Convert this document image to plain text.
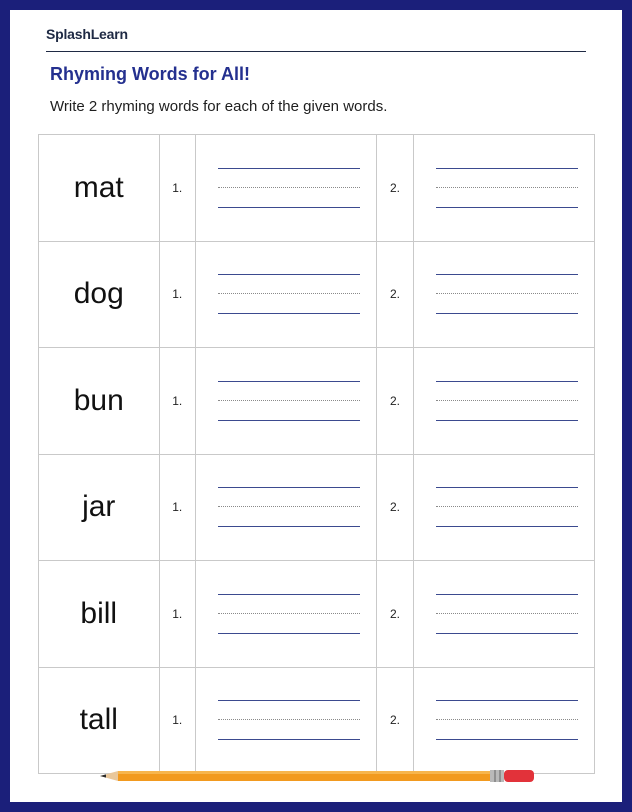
SplashLearn
Rhyming Words for All!
Write 2 rhyming words for each of the given words.
mat	1.		2.	

dog	1.		2.	

bun	1.		2.	

jar	1.		2.	

bill	1.		2.	

tall	1.		2.	
